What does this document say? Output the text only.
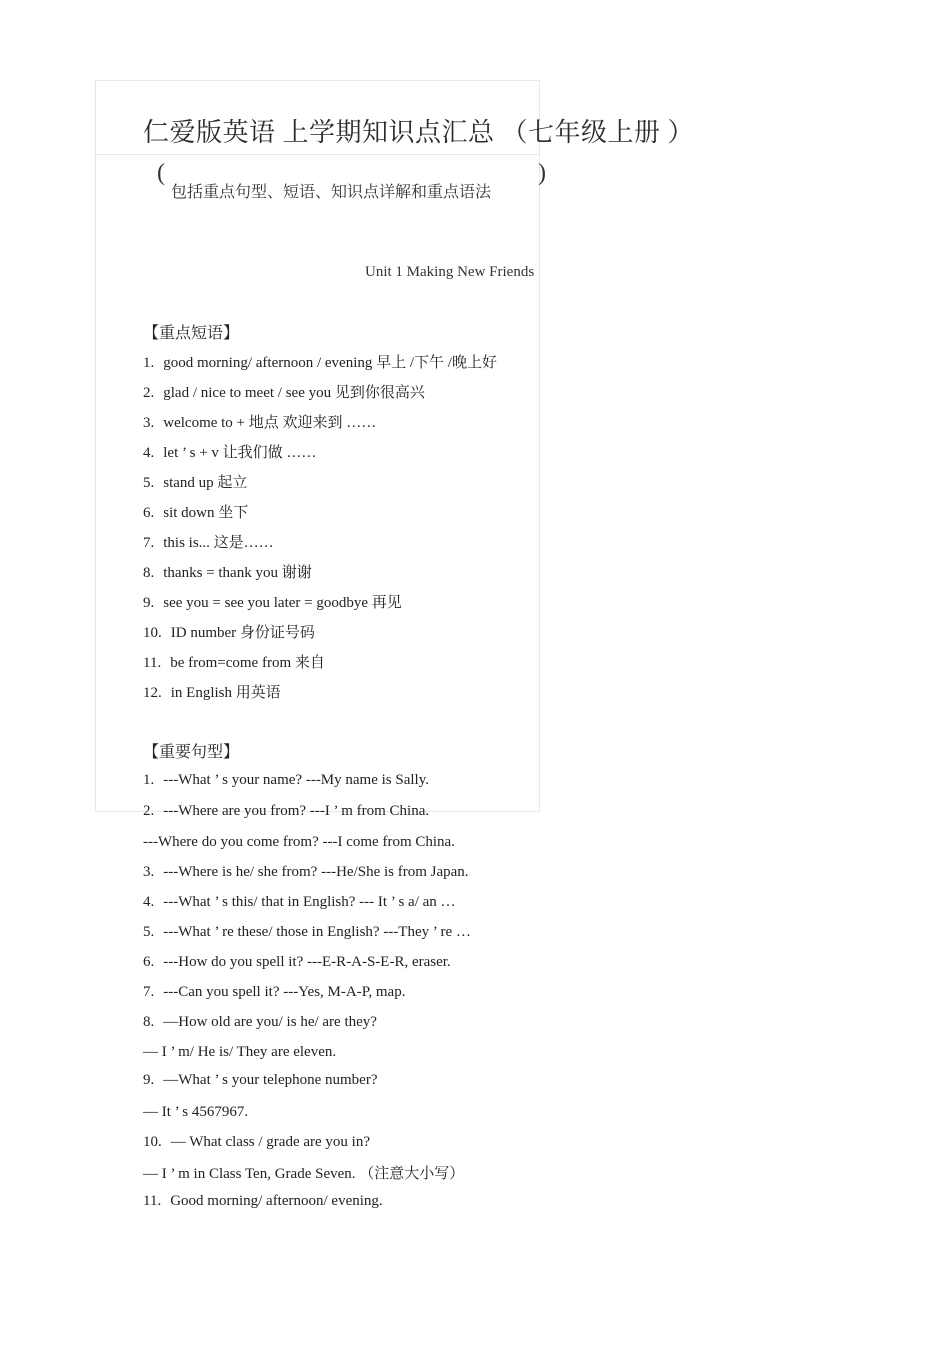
仁爱版英语 上学期知识点汇总 （七年级上册 ）
(
包括重点句型、短语、知识点详解和重点语法
)
Unit 1 Making New Friends
【重点短语】
1. good morning/ afternoon / evening 早上 /下午 /晚上好
2. glad / nice to meet / see you 见到你很高兴
3. welcome to + 地点 欢迎来到 ……
4. let ’ s + v 让我们做 ……
5. stand up 起立
6. sit down 坐下
7. this is... 这是……
8. thanks = thank you 谢谢
9. see you = see you later = goodbye 再见
10. ID number 身份证号码
11. be from=come from 来自
12. in English 用英语
【重要句型】
1. ---What ’ s your name? ---My name is Sally.
2. ---Where are you from? ---I ’ m from China.
---Where do you come from? ---I come from China.
3. ---Where is he/ she from? ---He/She is from Japan.
4. ---What ’ s this/ that in English? --- It ’ s a/ an …
5. ---What ’ re these/ those in English? ---They ’ re …
6. ---How do you spell it? ---E-R-A-S-E-R, eraser.
7. ---Can you spell it? ---Yes, M-A-P, map.
8. —How old are you/ is he/ are they?
— I ’ m/ He is/ They are eleven.
9. —What ’ s your telephone number?
— It ’ s 4567967.
10. — What class / grade are you in?
— I ’ m in Class Ten, Grade Seven. （注意大小写）
11. Good morning/ afternoon/ evening.
